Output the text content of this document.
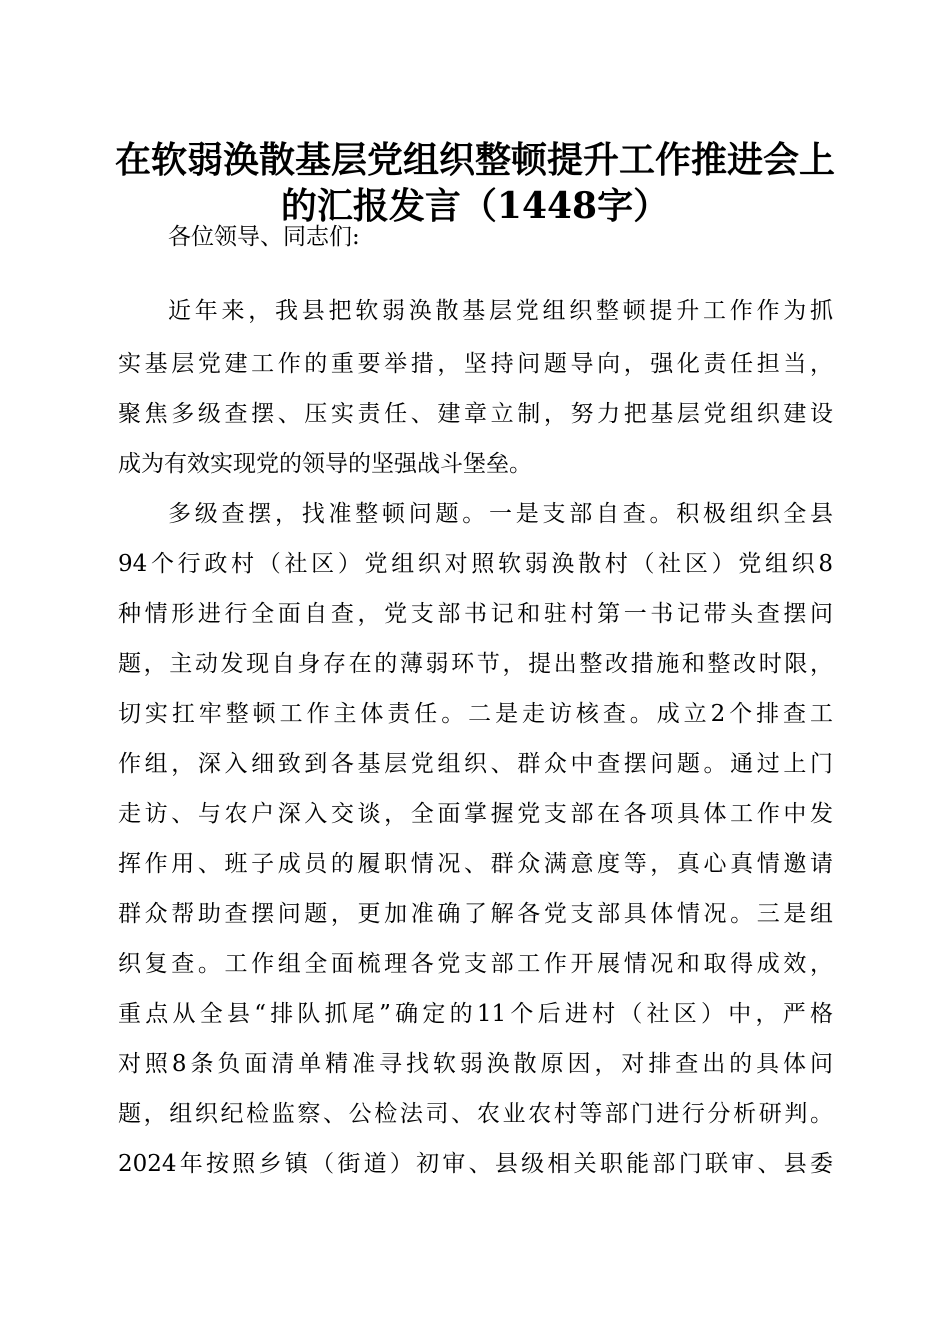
在软弱涣散基层党组织整顿提升工作推进会上
的汇报发言（1448字）

各位领导、同志们:

近年来，我县把软弱涣散基层党组织整顿提升工作作为抓

实基层党建工作的重要举措，坚持问题导向，强化责任担当，

聚焦多级查摆、压实责任、建章立制，努力把基层党组织建设

成为有效实现党的领导的坚强战斗堡垒。

多级查摆，找准整顿问题。一是支部自查。积极组织全县

94个行政村（社区）党组织对照软弱涣散村（社区）党组织8

种情形进行全面自查，党支部书记和驻村第一书记带头查摆问

题，主动发现自身存在的薄弱环节，提出整改措施和整改时限，

切实扛牢整顿工作主体责任。二是走访核查。成立2个排查工

作组，深入细致到各基层党组织、群众中查摆问题。通过上门

走访、与农户深入交谈，全面掌握党支部在各项具体工作中发

挥作用、班子成员的履职情况、群众满意度等，真心真情邀请

群众帮助查摆问题，更加准确了解各党支部具体情况。三是组

织复查。工作组全面梳理各党支部工作开展情况和取得成效，

重点从全县“排队抓尾”确定的11个后进村（社区）中，严格

对照8条负面清单精准寻找软弱涣散原因，对排查出的具体问

题，组织纪检监察、公检法司、农业农村等部门进行分析研判。

2024年按照乡镇（街道）初审、县级相关职能部门联审、县委
